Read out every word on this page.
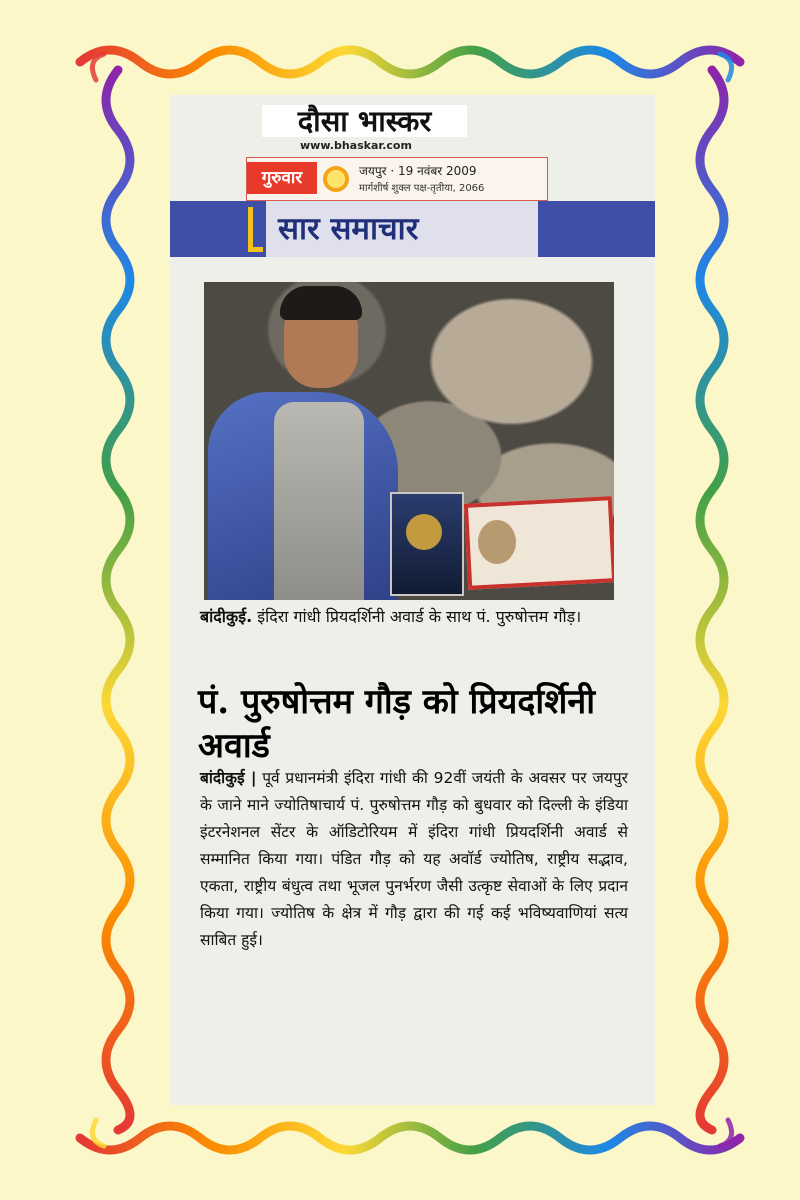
दौसा भास्कर
www.bhaskar.com
गुरुवार	जयपुर · 19 नवंबर 2009
मार्गशीर्ष शुक्ल पक्ष-तृतीया, 2066
सार समाचार
बांदीकुई. इंदिरा गांधी प्रियदर्शिनी अवार्ड के साथ पं. पुरुषोत्तम गौड़।
पं. पुरुषोत्तम गौड़ को प्रियदर्शिनी अवार्ड
बांदीकुई | पूर्व प्रधानमंत्री इंदिरा गांधी की 92वीं जयंती के अवसर पर जयपुर के जाने माने ज्योतिषाचार्य पं. पुरुषोत्तम गौड़ को बुधवार को दिल्ली के इंडिया इंटरनेशनल सेंटर के ऑडिटोरियम में इंदिरा गांधी प्रियदर्शिनी अवार्ड से सम्मानित किया गया। पंडित गौड़ को यह अवॉर्ड ज्योतिष, राष्ट्रीय सद्भाव, एकता, राष्ट्रीय बंधुत्व तथा भूजल पुनर्भरण जैसी उत्कृष्ट सेवाओं के लिए प्रदान किया गया। ज्योतिष के क्षेत्र में गौड़ द्वारा की गई कई भविष्यवाणियां सत्य साबित हुई।
